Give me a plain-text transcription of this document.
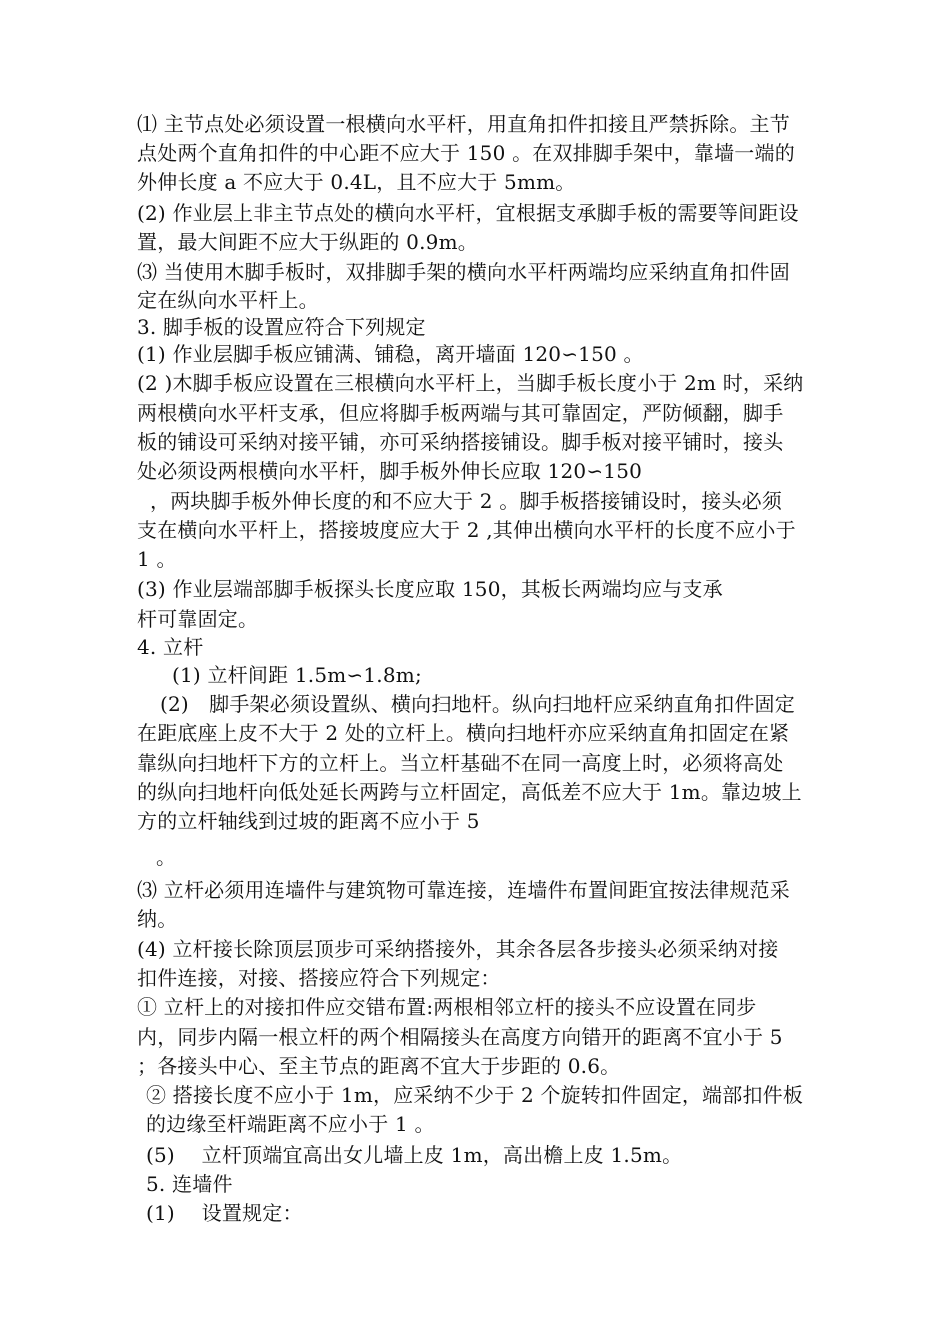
⑴ 主节点处必须设置一根横向水平杆，用直角扣件扣接且严禁拆除。主节
点处两个直角扣件的中心距不应大于 150 。在双排脚手架中，靠墙一端的
外伸长度 a 不应大于 0.4L，且不应大于 5mm。
(2) 作业层上非主节点处的横向水平杆，宜根据支承脚手板的需要等间距设
置，最大间距不应大于纵距的 0.9m。
⑶ 当使用木脚手板时，双排脚手架的横向水平杆两端均应采纳直角扣件固
定在纵向水平杆上。
3. 脚手板的设置应符合下列规定
(1) 作业层脚手板应铺满、铺稳，离开墙面 120∽150 。
(2 )木脚手板应设置在三根横向水平杆上，当脚手板长度小于 2m 时，采纳
两根横向水平杆支承，但应将脚手板两端与其可靠固定，严防倾翻，脚手
板的铺设可采纳对接平铺，亦可采纳搭接铺设。脚手板对接平铺时，接头
处必须设两根横向水平杆，脚手板外伸长应取 120∽150
，两块脚手板外伸长度的和不应大于 2 。脚手板搭接铺设时，接头必须
支在横向水平杆上，搭接坡度应大于 2 ,其伸出横向水平杆的长度不应小于
1 。
(3) 作业层端部脚手板探头长度应取 150，其板长两端均应与支承
杆可靠固定。
4. 立杆
(1) 立杆间距 1.5m∽1.8m;
(2)　脚手架必须设置纵、横向扫地杆。纵向扫地杆应采纳直角扣件固定
在距底座上皮不大于 2 处的立杆上。横向扫地杆亦应采纳直角扣固定在紧
靠纵向扫地杆下方的立杆上。当立杆基础不在同一高度上时，必须将高处
的纵向扫地杆向低处延长两跨与立杆固定，高低差不应大于 1m。靠边坡上
方的立杆轴线到过坡的距离不应小于 5
。
⑶ 立杆必须用连墙件与建筑物可靠连接，连墙件布置间距宜按法律规范采
纳。
(4) 立杆接长除顶层顶步可采纳搭接外，其余各层各步接头必须采纳对接
扣件连接，对接、搭接应符合下列规定：
① 立杆上的对接扣件应交错布置:两根相邻立杆的接头不应设置在同步
内，同步内隔一根立杆的两个相隔接头在高度方向错开的距离不宜小于 5
；各接头中心、至主节点的距离不宜大于步距的 0.6。
② 搭接长度不应小于 1m，应采纳不少于 2 个旋转扣件固定，端部扣件板
的边缘至杆端距离不应小于 1 。
(5)　 立杆顶端宜高出女儿墙上皮 1m，高出檐上皮 1.5m。
5. 连墙件
(1)　 设置规定：
